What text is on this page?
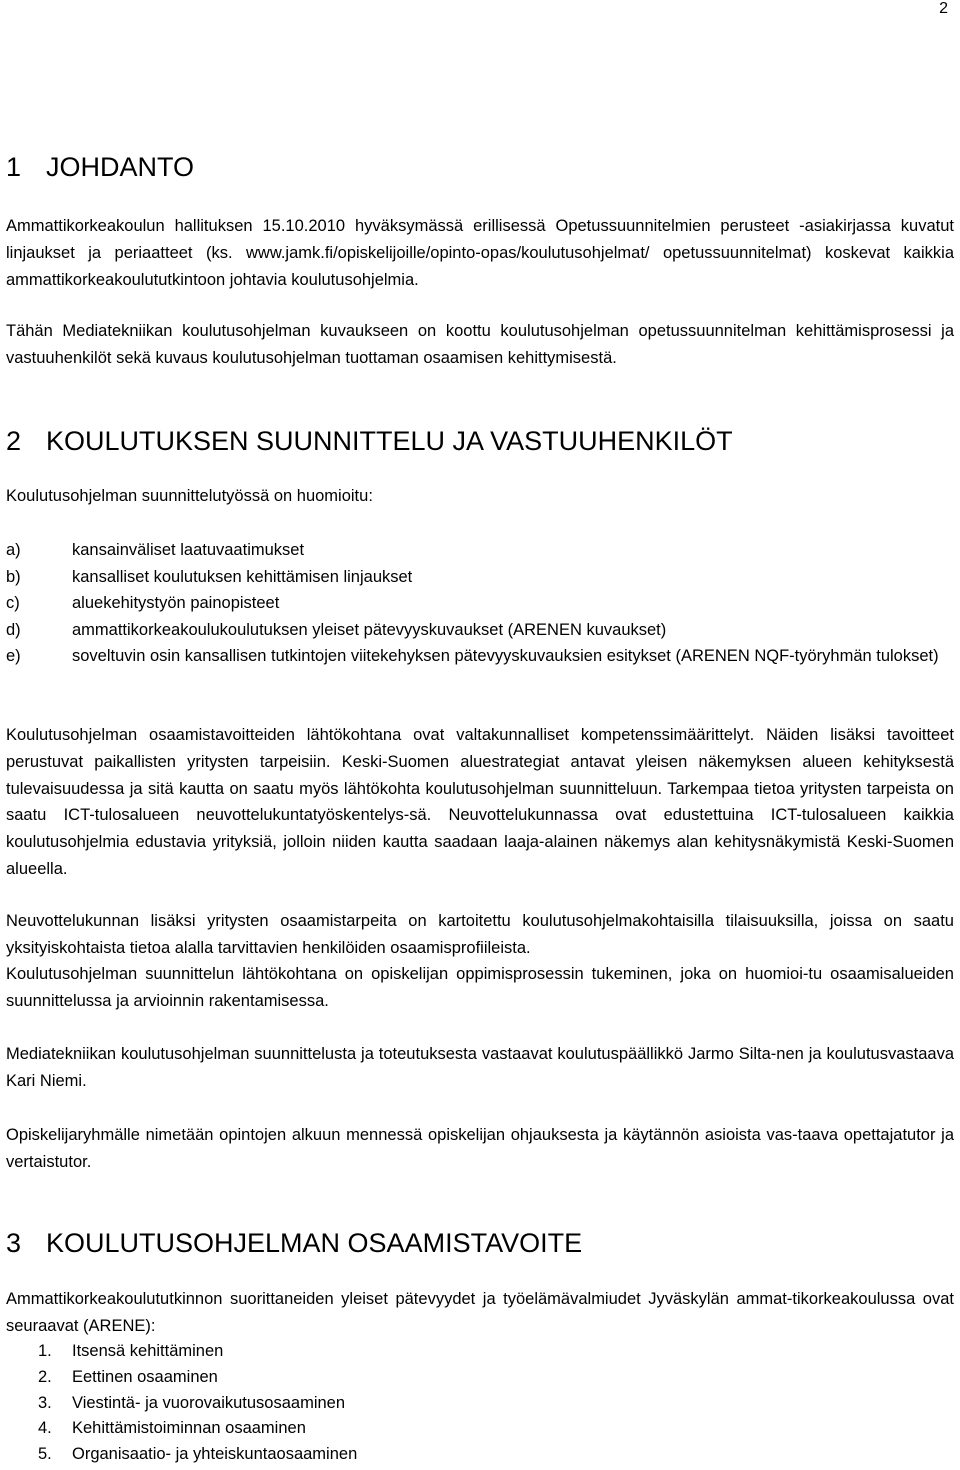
2
1 JOHDANTO

Ammattikorkeakoulun hallituksen 15.10.2010 hyväksymässä erillisessä Opetussuunnitelmien perusteet -asiakirjassa kuvatut linjaukset ja periaatteet (ks. www.jamk.fi/opiskelijoille/opinto-opas/koulutusohjelmat/ opetussuunnitelmat) koskevat kaikkia ammattikorkeakoulututkintoon johtavia koulutusohjelmia.

Tähän Mediatekniikan koulutusohjelman kuvaukseen on koottu koulutusohjelman opetussuunnitelman kehittämisprosessi ja vastuuhenkilöt sekä kuvaus koulutusohjelman tuottaman osaamisen kehittymisestä.

2 KOULUTUKSEN SUUNNITTELU JA VASTUUHENKILÖT

Koulutusohjelman suunnittelutyössä on huomioitu:

a)	kansainväliset laatuvaatimukset
b)	kansalliset koulutuksen kehittämisen linjaukset
c)	aluekehitystyön painopisteet
d)	ammattikorkeakoulukoulutuksen yleiset pätevyyskuvaukset (ARENEN kuvaukset)
e)	soveltuvin osin kansallisen tutkintojen viitekehyksen pätevyyskuvauksien esitykset (ARENEN NQF-työryhmän tulokset)

Koulutusohjelman osaamistavoitteiden lähtökohtana ovat valtakunnalliset kompetenssimäärittelyt. Näiden lisäksi tavoitteet perustuvat paikallisten yritysten tarpeisiin. Keski-Suomen aluestrategiat antavat yleisen näkemyksen alueen kehityksestä tulevaisuudessa ja sitä kautta on saatu myös lähtökohta koulutusohjelman suunnitteluun. Tarkempaa tietoa yritysten tarpeista on saatu ICT-tulosalueen neuvottelukuntatyöskentelys-sä. Neuvottelukunnassa ovat edustettuina ICT-tulosalueen kaikkia koulutusohjelmia edustavia yrityksiä, jolloin niiden kautta saadaan laaja-alainen näkemys alan kehitysnäkymistä Keski-Suomen alueella.

Neuvottelukunnan lisäksi yritysten osaamistarpeita on kartoitettu koulutusohjelmakohtaisilla tilaisuuksilla, joissa on saatu yksityiskohtaista tietoa alalla tarvittavien henkilöiden osaamisprofiileista.

Koulutusohjelman suunnittelun lähtökohtana on opiskelijan oppimisprosessin tukeminen, joka on huomioi-tu osaamisalueiden suunnittelussa ja arvioinnin rakentamisessa.

Mediatekniikan koulutusohjelman suunnittelusta ja toteutuksesta vastaavat koulutuspäällikkö Jarmo Silta-nen ja koulutusvastaava Kari Niemi.

Opiskelijaryhmälle nimetään opintojen alkuun mennessä opiskelijan ohjauksesta ja käytännön asioista vas-taava opettajatutor ja vertaistutor.

3 KOULUTUSOHJELMAN OSAAMISTAVOITE

Ammattikorkeakoulututkinnon suorittaneiden yleiset pätevyydet ja työelämävalmiudet Jyväskylän ammat-tikorkeakoulussa ovat seuraavat (ARENE):

1. Itsensä kehittäminen
2. Eettinen osaaminen
3. Viestintä- ja vuorovaikutusosaaminen
4. Kehittämistoiminnan osaaminen
5. Organisaatio- ja yhteiskuntaosaaminen
